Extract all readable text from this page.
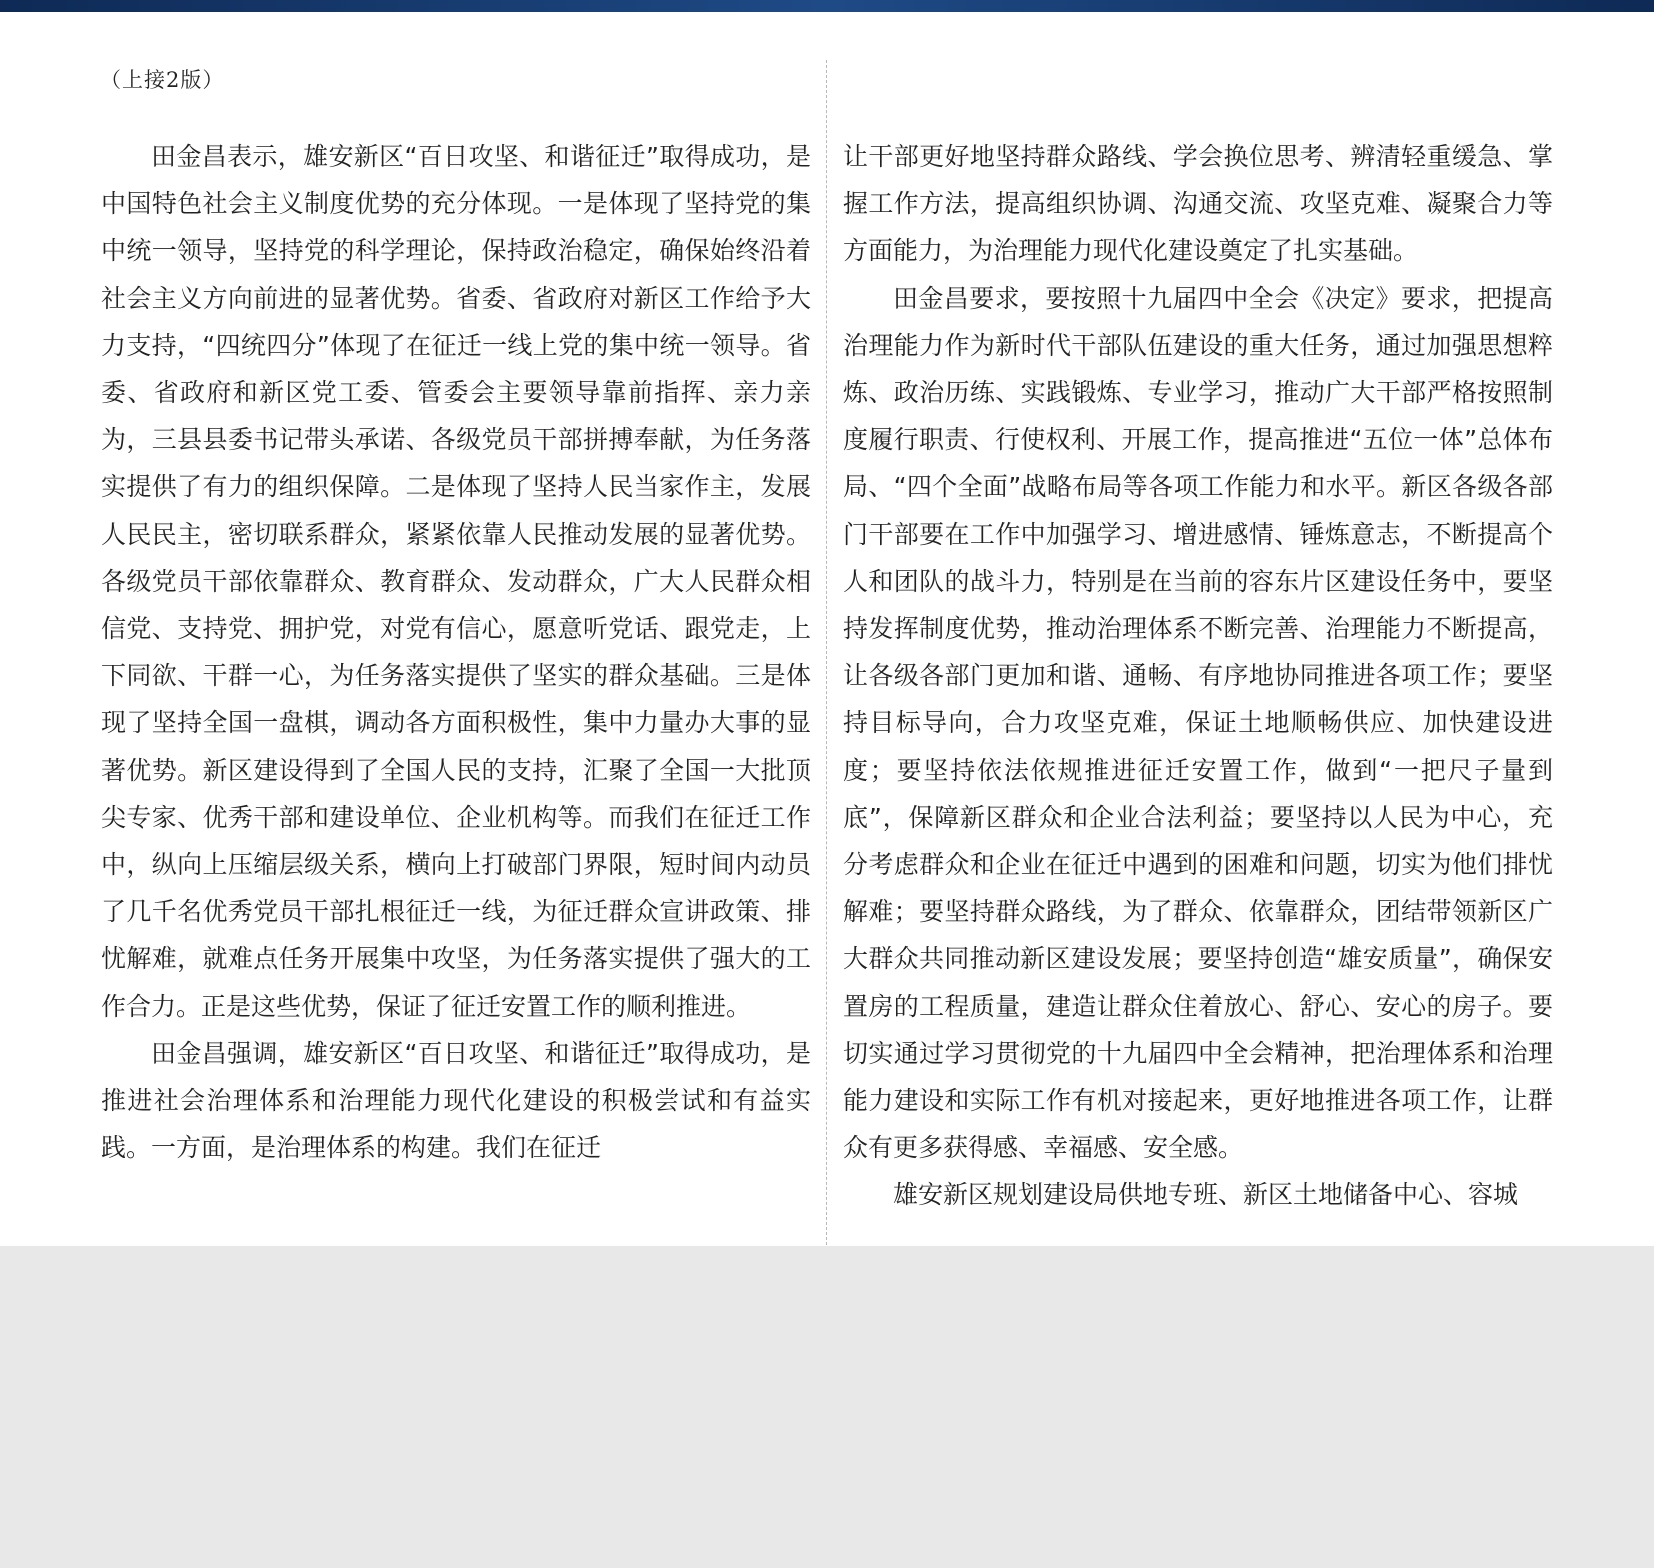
（上接2版）

田金昌表示，雄安新区“百日攻坚、和谐征迁”取得成功，是中国特色社会主义制度优势的充分体现。一是体现了坚持党的集中统一领导，坚持党的科学理论，保持政治稳定，确保始终沿着社会主义方向前进的显著优势。省委、省政府对新区工作给予大力支持，“四统四分”体现了在征迁一线上党的集中统一领导。省委、省政府和新区党工委、管委会主要领导靠前指挥、亲力亲为，三县县委书记带头承诺、各级党员干部拼搏奉献，为任务落实提供了有力的组织保障。二是体现了坚持人民当家作主，发展人民民主，密切联系群众，紧紧依靠人民推动发展的显著优势。各级党员干部依靠群众、教育群众、发动群众，广大人民群众相信党、支持党、拥护党，对党有信心，愿意听党话、跟党走，上下同欲、干群一心，为任务落实提供了坚实的群众基础。三是体现了坚持全国一盘棋，调动各方面积极性，集中力量办大事的显著优势。新区建设得到了全国人民的支持，汇聚了全国一大批顶尖专家、优秀干部和建设单位、企业机构等。而我们在征迁工作中，纵向上压缩层级关系，横向上打破部门界限，短时间内动员了几千名优秀党员干部扎根征迁一线，为征迁群众宣讲政策、排忧解难，就难点任务开展集中攻坚，为任务落实提供了强大的工作合力。正是这些优势，保证了征迁安置工作的顺利推进。

田金昌强调，雄安新区“百日攻坚、和谐征迁”取得成功，是推进社会治理体系和治理能力现代化建设的积极尝试和有益实践。一方面，是治理体系的构建。我们在征迁

让干部更好地坚持群众路线、学会换位思考、辨清轻重缓急、掌握工作方法，提高组织协调、沟通交流、攻坚克难、凝聚合力等方面能力，为治理能力现代化建设奠定了扎实基础。

田金昌要求，要按照十九届四中全会《决定》要求，把提高治理能力作为新时代干部队伍建设的重大任务，通过加强思想粹炼、政治历练、实践锻炼、专业学习，推动广大干部严格按照制度履行职责、行使权利、开展工作，提高推进“五位一体”总体布局、“四个全面”战略布局等各项工作能力和水平。新区各级各部门干部要在工作中加强学习、增进感情、锤炼意志，不断提高个人和团队的战斗力，特别是在当前的容东片区建设任务中，要坚持发挥制度优势，推动治理体系不断完善、治理能力不断提高，让各级各部门更加和谐、通畅、有序地协同推进各项工作；要坚持目标导向，合力攻坚克难，保证土地顺畅供应、加快建设进度；要坚持依法依规推进征迁安置工作，做到“一把尺子量到底”，保障新区群众和企业合法利益；要坚持以人民为中心，充分考虑群众和企业在征迁中遇到的困难和问题，切实为他们排忧解难；要坚持群众路线，为了群众、依靠群众，团结带领新区广大群众共同推动新区建设发展；要坚持创造“雄安质量”，确保安置房的工程质量，建造让群众住着放心、舒心、安心的房子。要切实通过学习贯彻党的十九届四中全会精神，把治理体系和治理能力建设和实际工作有机对接起来，更好地推进各项工作，让群众有更多获得感、幸福感、安全感。

雄安新区规划建设局供地专班、新区土地储备中心、容城
